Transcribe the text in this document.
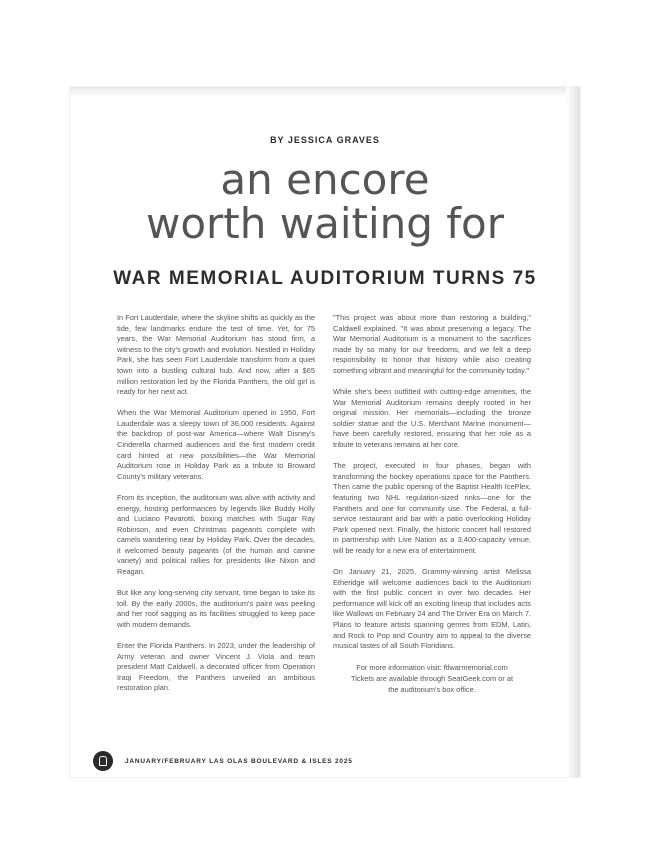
BY JESSICA GRAVES
an encore
worth waiting for
WAR MEMORIAL AUDITORIUM TURNS 75

In Fort Lauderdale, where the skyline shifts as quickly as the tide, few landmarks endure the test of time. Yet, for 75 years, the War Memorial Auditorium has stood firm, a witness to the city's growth and evolution. Nestled in Holiday Park, she has seen Fort Lauderdale transform from a quiet town into a bustling cultural hub. And now, after a $65 million restoration led by the Florida Panthers, the old girl is ready for her next act.

When the War Memorial Auditorium opened in 1950, Fort Lauderdale was a sleepy town of 36,000 residents. Against the backdrop of post-war America—where Walt Disney's Cinderella charmed audiences and the first modern credit card hinted at new possibilities—the War Memorial Auditorium rose in Holiday Park as a tribute to Broward County's military veterans.

From its inception, the auditorium was alive with activity and energy, hosting performances by legends like Buddy Holly and Luciano Pavarotti, boxing matches with Sugar Ray Robinson, and even Christmas pageants complete with camels wandering near by Holiday Park. Over the decades, it welcomed beauty pageants (of the human and canine variety) and political rallies for presidents like Nixon and Reagan.

But like any long-serving city servant, time began to take its toll. By the early 2000s, the auditorium's paint was peeling and her roof sagging as its facilities struggled to keep pace with modern demands.

Enter the Florida Panthers. In 2023, under the leadership of Army veteran and owner Vincent J. Viola and team president Matt Caldwell, a decorated officer from Operation Iraqi Freedom, the Panthers unveiled an ambitious restoration plan.

"This project was about more than restoring a building," Caldwell explained. "It was about preserving a legacy. The War Memorial Auditorium is a monument to the sacrifices made by so many for our freedoms, and we felt a deep responsibility to honor that history while also creating something vibrant and meaningful for the community today."

While she's been outfitted with cutting-edge amenities, the War Memorial Auditorium remains deeply rooted in her original mission. Her memorials—including the bronze soldier statue and the U.S. Merchant Marine monument—have been carefully restored, ensuring that her role as a tribute to veterans remains at her core.

The project, executed in four phases, began with transforming the hockey operations space for the Panthers. Then came the public opening of the Baptist Health IcePlex, featuring two NHL regulation-sized rinks—one for the Panthers and one for community use. The Federal, a full-service restaurant and bar with a patio overlooking Holiday Park opened next. Finally, the historic concert hall restored in partnership with Live Nation as a 3,400-capacity venue, will be ready for a new era of entertainment.

On January 21, 2025, Grammy-winning artist Melissa Etheridge will welcome audiences back to the Auditorium with the first public concert in over two decades. Her performance will kick off an exciting lineup that includes acts like Wallows on February 24 and The Driver Era on March 7. Plans to feature artists spanning genres from EDM, Latin, and Rock to Pop and Country aim to appeal to the diverse musical tastes of all South Floridians.

For more information visit: ftlwarmemorial.com
Tickets are available through SeatGeek.com or at
the auditorium's box office.
JANUARY/FEBRUARY LAS OLAS BOULEVARD & ISLES 2025
